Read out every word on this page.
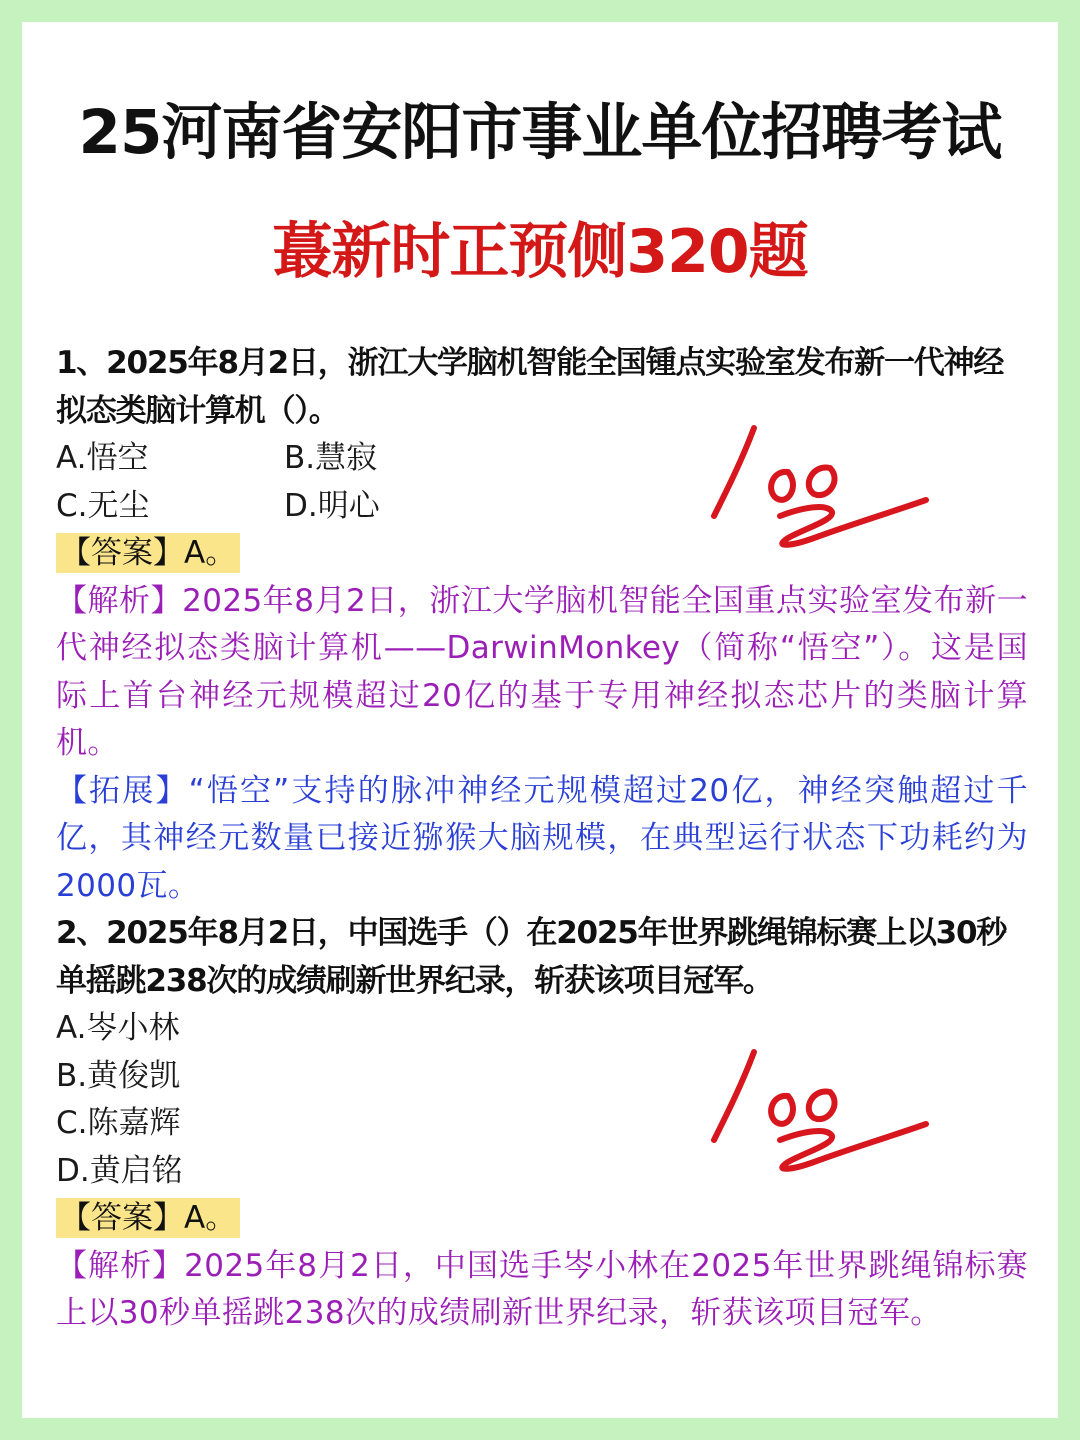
25河南省安阳市事业单位招聘考试
蕞新时正预侧320题
1、2025年8月2日，浙江大学脑机智能全国锺点实验室发布新一代神经拟态类脑计算机（）。
A.悟空	B.慧寂
C.无尘	D.明心
【答案】A。
【解析】2025年8月2日，浙江大学脑机智能全国重点实验室发布新一代神经拟态类脑计算机——DarwinMonkey（简称“悟空”）。这是国际上首台神经元规模超过20亿的基于专用神经拟态芯片的类脑计算机。
【拓展】“悟空”支持的脉冲神经元规模超过20亿，神经突触超过千亿，其神经元数量已接近猕猴大脑规模，在典型运行状态下功耗约为2000瓦。
2、2025年8月2日，中国选手（）在2025年世界跳绳锦标赛上以30秒单摇跳238次的成绩刷新世界纪录，斩获该项目冠军。
A.岑小林
B.黄俊凯
C.陈嘉辉
D.黄启铭
【答案】A。
【解析】2025年8月2日，中国选手岑小林在2025年世界跳绳锦标赛上以30秒单摇跳238次的成绩刷新世界纪录，斩获该项目冠军。
